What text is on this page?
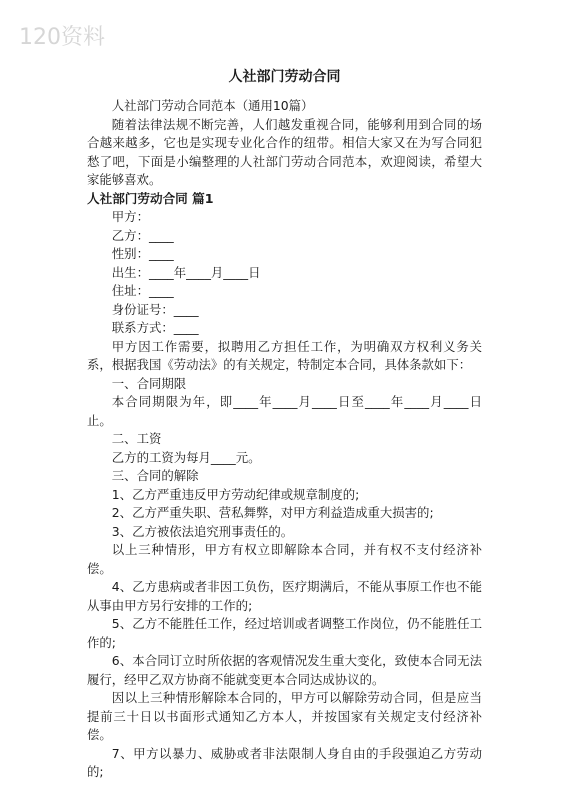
120资料
人社部门劳动合同

人社部门劳动合同范本（通用10篇）

随着法律法规不断完善，人们越发重视合同，能够利用到合同的场合越来越多，它也是实现专业化合作的纽带。相信大家又在为写合同犯愁了吧，下面是小编整理的人社部门劳动合同范本，欢迎阅读，希望大家能够喜欢。

人社部门劳动合同 篇1

甲方：

乙方：____

性别：____

出生：____年____月____日

住址：____

身份证号：____

联系方式：____

甲方因工作需要，拟聘用乙方担任工作，为明确双方权利义务关系，根据我国《劳动法》的有关规定，特制定本合同，具体条款如下：

一、合同期限

本合同期限为年，即____年____月____日至____年____月____日止。

二、工资

乙方的工资为每月____元。

三、合同的解除

1、乙方严重违反甲方劳动纪律或规章制度的;

2、乙方严重失职、营私舞弊，对甲方利益造成重大损害的;

3、乙方被依法追究刑事责任的。

以上三种情形，甲方有权立即解除本合同，并有权不支付经济补偿。

4、乙方患病或者非因工负伤，医疗期满后，不能从事原工作也不能从事由甲方另行安排的工作的;

5、乙方不能胜任工作，经过培训或者调整工作岗位，仍不能胜任工作的;

6、本合同订立时所依据的客观情况发生重大变化，致使本合同无法履行，经甲乙双方协商不能就变更本合同达成协议的。

因以上三种情形解除本合同的，甲方可以解除劳动合同，但是应当提前三十日以书面形式通知乙方本人，并按国家有关规定支付经济补偿。

7、甲方以暴力、威胁或者非法限制人身自由的手段强迫乙方劳动的;
